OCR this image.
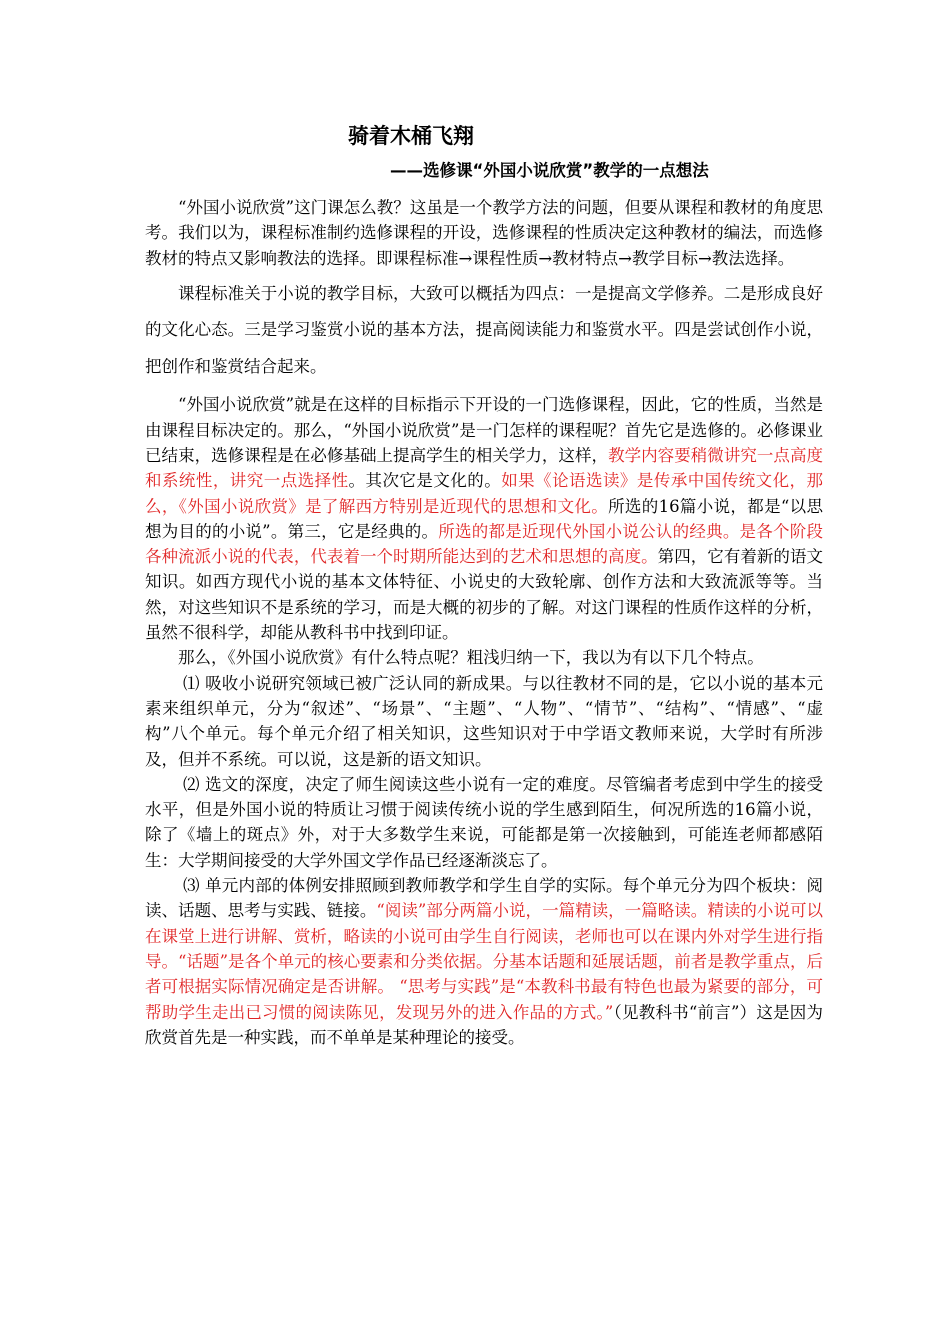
骑着木桶飞翔
——选修课“外国小说欣赏”教学的一点想法

“外国小说欣赏”这门课怎么教？这虽是一个教学方法的问题，但要从课程和教材的角度思考。我们以为，课程标准制约选修课程的开设，选修课程的性质决定这种教材的编法，而选修教材的特点又影响教法的选择。即课程标准→课程性质→教材特点→教学目标→教法选择。

课程标准关于小说的教学目标，大致可以概括为四点：一是提高文学修养。二是形成良好的文化心态。三是学习鉴赏小说的基本方法，提高阅读能力和鉴赏水平。四是尝试创作小说，把创作和鉴赏结合起来。

“外国小说欣赏”就是在这样的目标指示下开设的一门选修课程，因此，它的性质，当然是由课程目标决定的。那么，“外国小说欣赏”是一门怎样的课程呢？首先它是选修的。必修课业已结束，选修课程是在必修基础上提高学生的相关学力，这样，教学内容要稍微讲究一点高度和系统性，讲究一点选择性。其次它是文化的。如果《论语选读》是传承中国传统文化，那么，《外国小说欣赏》是了解西方特别是近现代的思想和文化。所选的16篇小说，都是“以思想为目的的小说”。第三，它是经典的。所选的都是近现代外国小说公认的经典。是各个阶段各种流派小说的代表，代表着一个时期所能达到的艺术和思想的高度。第四，它有着新的语文知识。如西方现代小说的基本文体特征、小说史的大致轮廓、创作方法和大致流派等等。当然，对这些知识不是系统的学习，而是大概的初步的了解。对这门课程的性质作这样的分析，虽然不很科学，却能从教科书中找到印证。

那么，《外国小说欣赏》有什么特点呢？粗浅归纳一下，我以为有以下几个特点。

⑴ 吸收小说研究领域已被广泛认同的新成果。与以往教材不同的是，它以小说的基本元素来组织单元，分为“叙述”、“场景”、“主题”、“人物”、“情节”、“结构”、“情感”、“虚构”八个单元。每个单元介绍了相关知识，这些知识对于中学语文教师来说，大学时有所涉及，但并不系统。可以说，这是新的语文知识。

⑵ 选文的深度，决定了师生阅读这些小说有一定的难度。尽管编者考虑到中学生的接受水平，但是外国小说的特质让习惯于阅读传统小说的学生感到陌生，何况所选的16篇小说，除了《墙上的斑点》外，对于大多数学生来说，可能都是第一次接触到，可能连老师都感陌生：大学期间接受的大学外国文学作品已经逐渐淡忘了。

⑶ 单元内部的体例安排照顾到教师教学和学生自学的实际。每个单元分为四个板块：阅读、话题、思考与实践、链接。“阅读”部分两篇小说，一篇精读，一篇略读。精读的小说可以在课堂上进行讲解、赏析，略读的小说可由学生自行阅读，老师也可以在课内外对学生进行指导。“话题”是各个单元的核心要素和分类依据。分基本话题和延展话题，前者是教学重点，后者可根据实际情况确定是否讲解。 “思考与实践”是“本教科书最有特色也最为紧要的部分，可帮助学生走出已习惯的阅读陈见，发现另外的进入作品的方式。”（见教科书“前言”）这是因为欣赏首先是一种实践，而不单单是某种理论的接受。
